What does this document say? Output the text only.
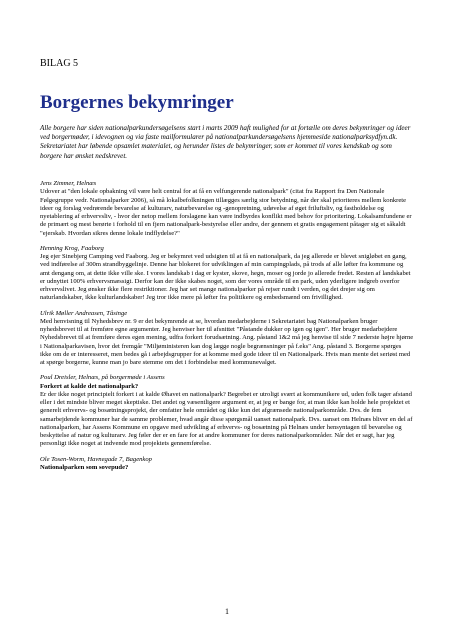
BILAG 5
Borgernes bekymringer
Alle borgere har siden nationalparkundersøgelsens start i marts 2009 haft mulighed for at fortælle om deres bekymringer og ideer ved borgermøder, i idevognen og via faste mailformularer på nationalparkundersøgelsens hjemmeside nationalparksydfyn.dk. Sekretariatet har løbende opsamlet materialet, og herunder listes de bekymringer, som er kommet til vores kendskab og som borgere har ønsket nedskrevet.
Jens Zimmer, Helnæs
Udover at "den lokale opbakning vil være helt central for at få en velfungerende nationalpark" (citat fra Rapport fra Den Nationale Følgegruppe vedr. Nationalparker 2006), så må lokalbefolkningen tillægges særlig stor betydning, når der skal prioriteres mellem konkrete ideer og forslag vedrørende bevarelse af kulturarv, naturbevarelse og -genopretning, udøvelse af øget friluftsliv, og fastholdelse og nyetablering af erhvervsliv, - hvor der netop mellem forslagene kan være indbyrdes konflikt med behov for prioritering. Lokalsamfundene er de primært og mest berørte i forhold til en fjern nationalpark-bestyrelse eller andre, der gennem et gratis engagement påtager sig et såkaldt "ejerskab. Hvordan sikres denne lokale indflydelse?"
Henning Krog, Faaborg
Jeg ejer Sinebjerg Camping ved Faaborg. Jeg er bekymret ved udsigten til at få en nationalpark, da jeg allerede er blevet snigløbet en gang, ved indførelse af 300m strandbyggelinje. Denne har blokeret for udviklingen af min campingplads, på trods af alle løfter fra kommune og amt dengang om, at dette ikke ville ske. I vores landskab i dag er kyster, skove, hegn, moser og jorde jo allerede fredet. Resten af landskabet er udnyttet 100% erhvervsmæssigt. Derfor kan der ikke skabes noget, som der vores område til en park, uden yderligere indgreb overfor erhvervslivet. Jeg ønsker ikke flere restriktioner. Jeg har set mange nationalparker på rejser rundt i verden, og det drejer sig om naturlandskaber, ikke kulturlandskaber! Jeg tror ikke mere på løfter fra politikere og embedsmænd om frivillighed.
Ulrik Møller Andreasen, Tåsinge
Med henvisning til Nyhedsbrev nr. 9 er det bekymrende at se, hvordan medarbejderne i Sekretariatet bag Nationalparken bruger nyhedsbrevet til at fremføre egne argumenter. Jeg henviser her til afsnittet "Påstande dukker op igen og igen". Her bruger medarbejdere Nyhedsbrevet til at fremføre deres egen mening, udfra forkert forudsætning. Ang. påstand 1&2 må jeg henvise til side 7 nederste højre hjørne i Nationalparkavisen, hvor det fremgår "Miljøministeren kan dog lægge nogle begrænsninger på f.eks" Ang. påstand 3. Borgerne spørges ikke om de er interesseret, men bedes gå i arbejdsgrupper for at komme med gode ideer til en Nationalpark. Hvis man mente det seriøst med at spørge borgerne, kunne man jo bare stemme om det i forbindelse med kommunevalget.
Poul Dreisler, Helnæs, på borgermøde i Assens
Forkert at kalde det nationalpark?
Er der ikke noget principielt forkert i at kalde Øhavet en nationalpark? Begrebet er utroligt svært at kommunikere ud, uden folk tager afstand eller i det mindste bliver meget skeptiske. Det andet og væsentligere argument er, at jeg er bange for, at man ikke kan holde hele projektet et generelt erhvervs- og bosætningsprojekt, der omfatter hele området og ikke kun det afgrænsede nationalparkområde. Dvs. de fem samarbejdende kommuner har de samme problemer, hvad angår disse spørgsmål uanset nationalpark. Dvs. uanset om Helnæs bliver en del af nationalparken, har Assens Kommune en opgave med udvikling af erhvervs- og bosætning på Helnæs under hensyntagen til bevarelse og beskyttelse af natur og kulturarv. Jeg føler der er en fare for at andre kommuner for deres nationalparkområder. Når det er sagt, har jeg personligt ikke noget at indvende mod projektets gennemførelse.
Ole Tosen-Worm, Havnegade 7, Bagenkop
Nationalparken som sovepude?
1
